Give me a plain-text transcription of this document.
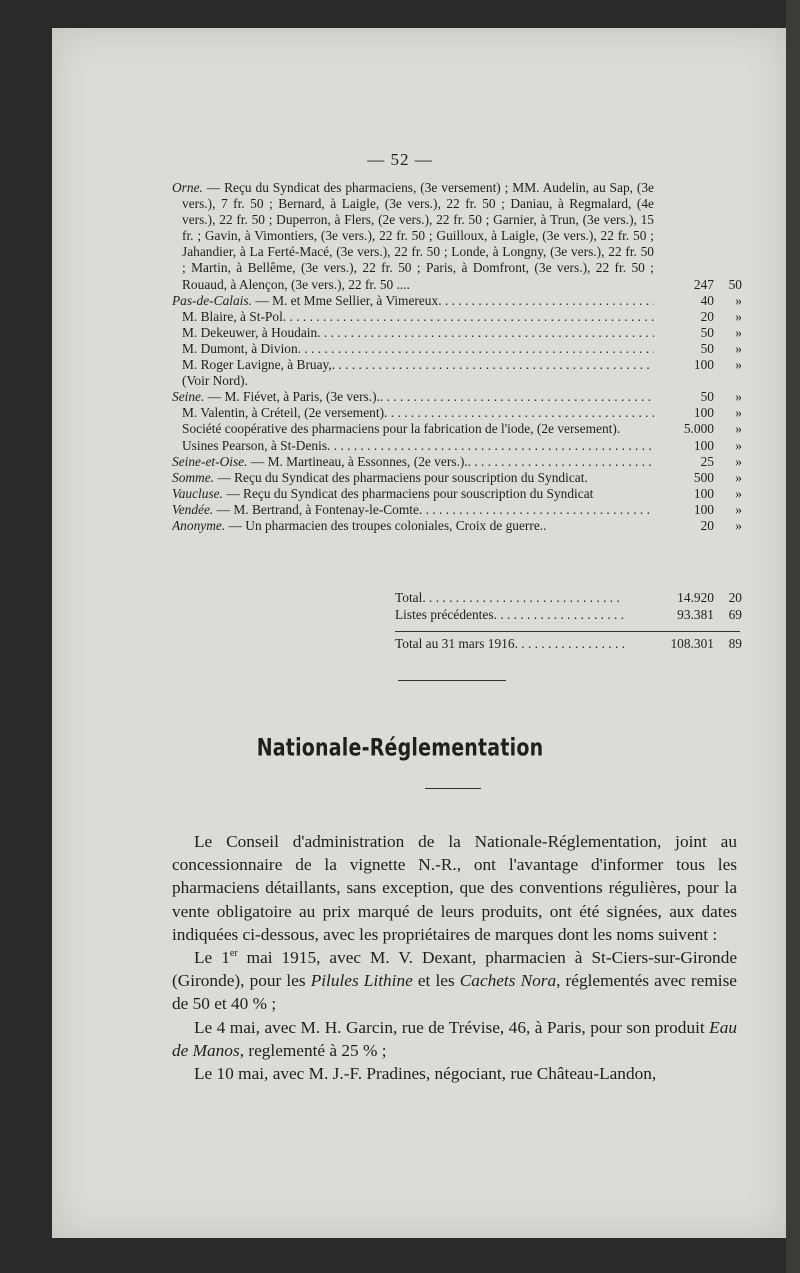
— 52 —
Orne. — Reçu du Syndicat des pharmaciens, (3e versement) ; MM. Audelin, au Sap, (3e vers.), 7 fr. 50 ; Bernard, à Laigle, (3e vers.), 22 fr. 50 ; Daniau, à Regmalard, (4e vers.), 22 fr. 50 ; Duperron, à Flers, (2e vers.), 22 fr. 50 ; Garnier, à Trun, (3e vers.), 15 fr. ; Gavin, à Vimontiers, (3e vers.), 22 fr. 50 ; Guilloux, à Laigle, (3e vers.), 22 fr. 50 ; Jahandier, à La Ferté-Macé, (3e vers.), 22 fr. 50 ; Londe, à Longny, (3e vers.), 22 fr. 50 ; Martin, à Bellême, (3e vers.), 22 fr. 50 ; Paris, à Domfront, (3e vers.), 22 fr. 50 ; Rouaud, à Alençon, (3e vers.), 22 fr. 50 ....	247	50
Pas-de-Calais. — M. et Mme Sellier, à Vimereux . . .	40	»
M. Blaire, à St-Pol . . .	20	»
M. Dekeuwer, à Houdain . . .	50	»
M. Dumont, à Divion . . .	50	»
M. Roger Lavigne, à Bruay, . . .	100	»
(Voir Nord).
Seine. — M. Fiévet, à Paris, (3e vers.). . . .	50	»
M. Valentin, à Créteil, (2e versement) . . .	100	»
Société coopérative des pharmaciens pour la fabrication de l'iode, (2e versement).	5.000	»
Usines Pearson, à St-Denis . . .	100	»
Seine-et-Oise. — M. Martineau, à Essonnes, (2e vers.). . . .	25	»
Somme. — Reçu du Syndicat des pharmaciens pour souscription du Syndicat.	500	»
Vaucluse. — Reçu du Syndicat des pharmaciens pour souscription du Syndicat	100	»
Vendée. — M. Bertrand, à Fontenay-le-Comte . . .	100	»
Anonyme. — Un pharmacien des troupes coloniales, Croix de guerre..	20	»
Total . . .	14.920	20
Listes précédentes . . .	93.381	69
Total au 31 mars 1916 . . .	108.301	89
Nationale-Réglementation

Le Conseil d'administration de la Nationale-Réglementation, joint au concessionnaire de la vignette N.-R., ont l'avantage d'informer tous les pharmaciens détaillants, sans exception, que des conventions régulières, pour la vente obligatoire au prix marqué de leurs produits, ont été signées, aux dates indiquées ci-dessous, avec les propriétaires de marques dont les noms suivent :

Le 1er mai 1915, avec M. V. Dexant, pharmacien à St-Ciers-sur-Gironde (Gironde), pour les Pilules Lithine et les Cachets Nora, réglementés avec remise de 50 et 40 % ;

Le 4 mai, avec M. H. Garcin, rue de Trévise, 46, à Paris, pour son produit Eau de Manos, reglementé à 25 % ;

Le 10 mai, avec M. J.-F. Pradines, négociant, rue Château-Landon,
